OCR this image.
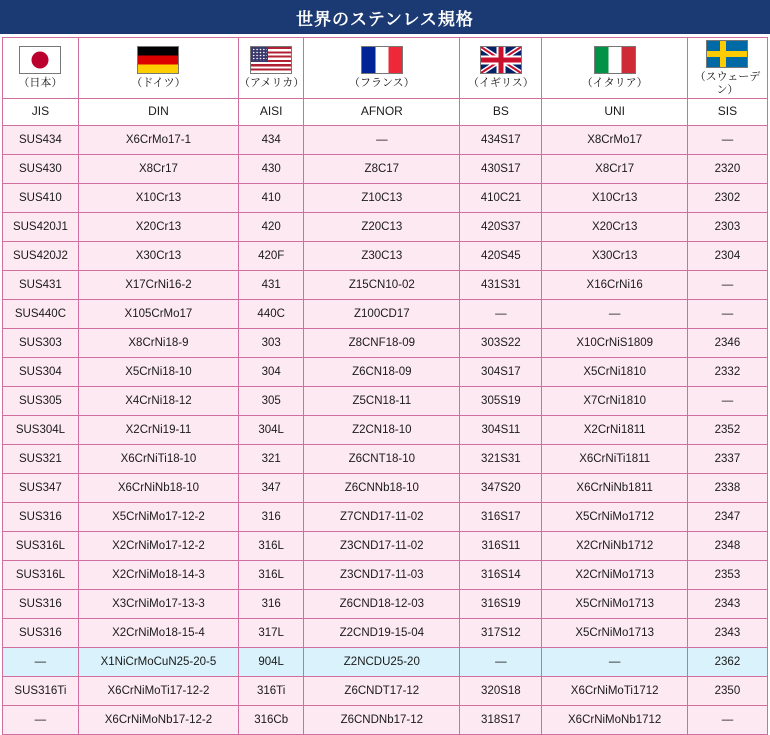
世界のステンレス規格
（日本）	（ドイツ）	（アメリカ）	（フランス）	（イギリス）	（イタリア）	（スウェーデン）

JIS	DIN	AISI	AFNOR	BS	UNI	SIS
SUS434	X6CrMo17-1	434	—	434S17	X8CrMo17	—
SUS430	X8Cr17	430	Z8C17	430S17	X8Cr17	2320
SUS410	X10Cr13	410	Z10C13	410C21	X10Cr13	2302
SUS420J1	X20Cr13	420	Z20C13	420S37	X20Cr13	2303
SUS420J2	X30Cr13	420F	Z30C13	420S45	X30Cr13	2304
SUS431	X17CrNi16-2	431	Z15CN10-02	431S31	X16CrNi16	—
SUS440C	X105CrMo17	440C	Z100CD17	—	—	—
SUS303	X8CrNi18-9	303	Z8CNF18-09	303S22	X10CrNiS1809	2346
SUS304	X5CrNi18-10	304	Z6CN18-09	304S17	X5CrNi1810	2332
SUS305	X4CrNi18-12	305	Z5CN18-11	305S19	X7CrNi1810	—
SUS304L	X2CrNi19-11	304L	Z2CN18-10	304S11	X2CrNi1811	2352
SUS321	X6CrNiTi18-10	321	Z6CNT18-10	321S31	X6CrNiTi1811	2337
SUS347	X6CrNiNb18-10	347	Z6CNNb18-10	347S20	X6CrNiNb1811	2338
SUS316	X5CrNiMo17-12-2	316	Z7CND17-11-02	316S17	X5CrNiMo1712	2347
SUS316L	X2CrNiMo17-12-2	316L	Z3CND17-11-02	316S11	X2CrNiNb1712	2348
SUS316L	X2CrNiMo18-14-3	316L	Z3CND17-11-03	316S14	X2CrNiMo1713	2353
SUS316	X3CrNiMo17-13-3	316	Z6CND18-12-03	316S19	X5CrNiMo1713	2343
SUS316	X2CrNiMo18-15-4	317L	Z2CND19-15-04	317S12	X5CrNiMo1713	2343
—	X1NiCrMoCuN25-20-5	904L	Z2NCDU25-20	—	—	2362
SUS316Ti	X6CrNiMoTi17-12-2	316Ti	Z6CNDT17-12	320S18	X6CrNiMoTi1712	2350
—	X6CrNiMoNb17-12-2	316Cb	Z6CNDNb17-12	318S17	X6CrNiMoNb1712	—
